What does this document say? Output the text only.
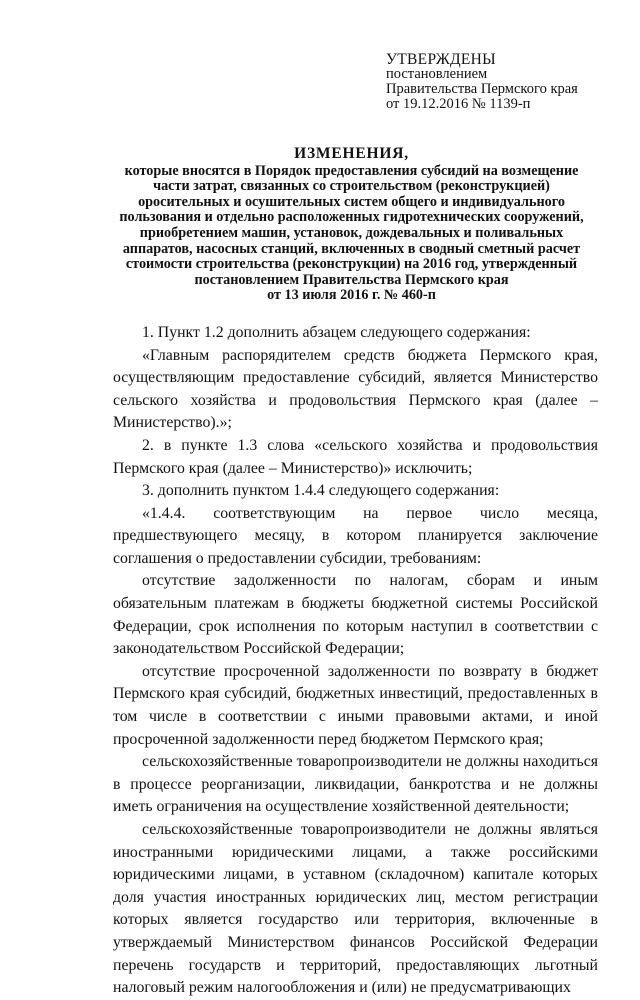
УТВЕРЖДЕНЫ
постановлением
Правительства Пермского края
от 19.12.2016 № 1139-п
ИЗМЕНЕНИЯ,
которые вносятся в Порядок предоставления субсидий на возмещение
части затрат, связанных со строительством (реконструкцией)
оросительных и осушительных систем общего и индивидуального
пользования и отдельно расположенных гидротехнических сооружений,
приобретением машин, установок, дождевальных и поливальных
аппаратов, насосных станций, включенных в сводный сметный расчет
стоимости строительства (реконструкции) на 2016 год, утвержденный
постановлением Правительства Пермского края
от 13 июля 2016 г. № 460-п

1. Пункт 1.2 дополнить абзацем следующего содержания:

«Главным распорядителем средств бюджета Пермского края, осуществляющим предоставление субсидий, является Министерство сельского хозяйства и продовольствия Пермского края (далее – Министерство).»;

2. в пункте 1.3 слова «сельского хозяйства и продовольствия Пермского края (далее – Министерство)» исключить;

3. дополнить пунктом 1.4.4 следующего содержания:

«1.4.4. соответствующим на первое число месяца, предшествующего месяцу, в котором планируется заключение соглашения о предоставлении субсидии, требованиям:

отсутствие задолженности по налогам, сборам и иным обязательным платежам в бюджеты бюджетной системы Российской Федерации, срок исполнения по которым наступил в соответствии с законодательством Российской Федерации;

отсутствие просроченной задолженности по возврату в бюджет Пермского края субсидий, бюджетных инвестиций, предоставленных в том числе в соответствии с иными правовыми актами, и иной просроченной задолженности перед бюджетом Пермского края;

сельскохозяйственные товаропроизводители не должны находиться в процессе реорганизации, ликвидации, банкротства и не должны иметь ограничения на осуществление хозяйственной деятельности;

сельскохозяйственные товаропроизводители не должны являться иностранными юридическими лицами, а также российскими юридическими лицами, в уставном (складочном) капитале которых доля участия иностранных юридических лиц, местом регистрации которых является государство или территория, включенные в утверждаемый Министерством финансов Российской Федерации перечень государств и территорий, предоставляющих льготный налоговый режим налогообложения и (или) не предусматривающих
